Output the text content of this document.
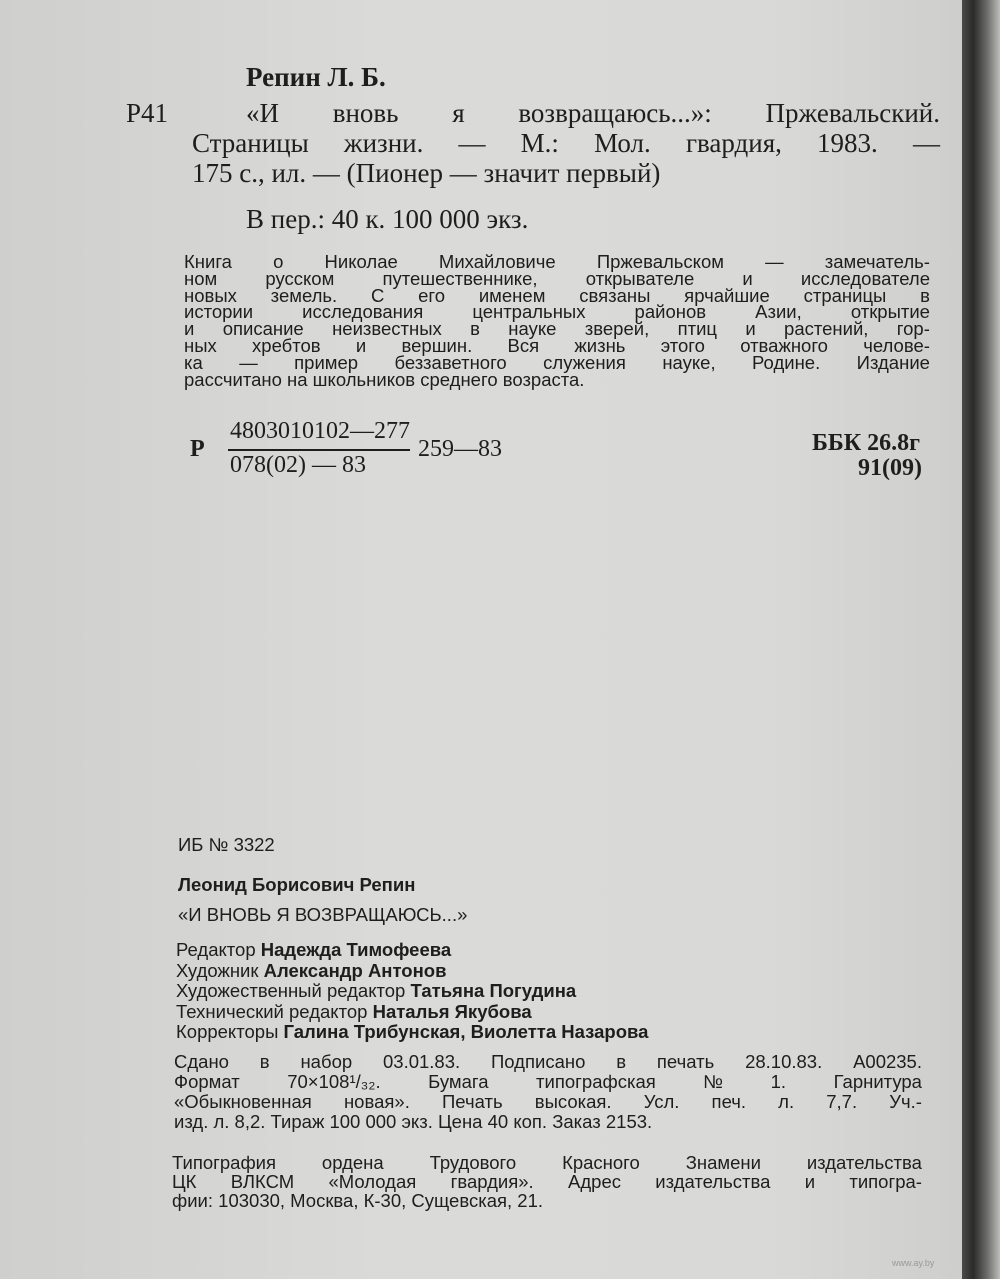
Репин Л. Б.
Р41	«И вновь я возвращаюсь...»: Пржевальский.
Страницы жизни. — М.: Мол. гвардия, 1983. —
175 с., ил. — (Пионер — значит первый)
В пер.: 40 к. 100 000 экз.
Книга о Николае Михайловиче Пржевальском — замечатель-
ном	русском	путешественнике,	открывателе	и	исследователе
новых земель. С его именем связаны ярчайшие страницы в
истории	исследования	центральных	районов	Азии,	открытие
и описание неизвестных в науке зверей, птиц и растений, гор-
ных хребтов и вершин. Вся жизнь этого отважного челове-
ка — пример беззаветного служения науке, Родине. Издание
рассчитано на школьников среднего возраста.
Р
4803010102—277
078(02) — 83
259—83	ББК 26.8г
91(09)
ИБ № 3322
Леонид Борисович Репин
«И ВНОВЬ Я ВОЗВРАЩАЮСЬ...»
Редактор Надежда Тимофеева
Художник Александр Антонов
Художественный редактор Татьяна Погудина
Технический редактор Наталья Якубова
Корректоры Галина Трибунская, Виолетта Назарова
Сдано в набор 03.01.83. Подписано в печать 28.10.83. А00235.
Формат	70×108¹/₃₂.	Бумага	типографская	№	1.	Гарнитура
«Обыкновенная новая». Печать высокая. Усл. печ. л. 7,7. Уч.-
изд. л. 8,2. Тираж 100 000 экз. Цена 40 коп. Заказ 2153.
Типография ордена Трудового Красного Знамени издательства
ЦК ВЛКСМ «Молодая гвардия». Адрес издательства и типогра-
фии: 103030, Москва, К-30, Сущевская, 21.
www.ay.by
